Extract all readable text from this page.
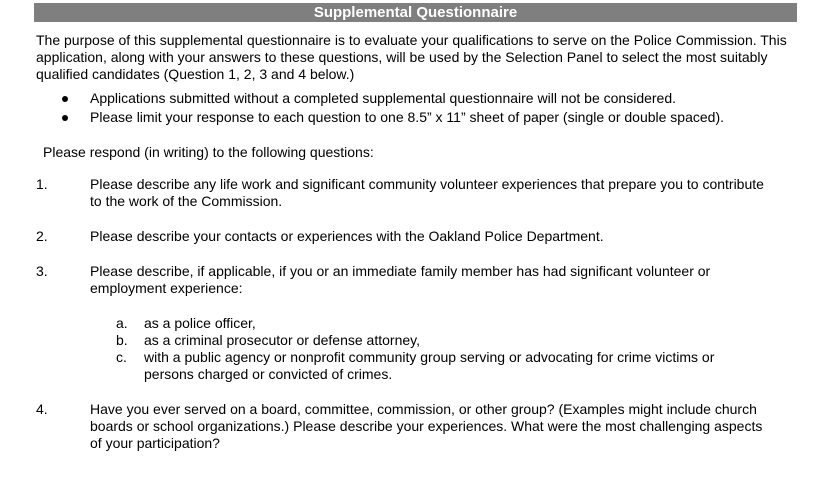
Supplemental Questionnaire

The purpose of this supplemental questionnaire is to evaluate your qualifications to serve on the Police Commission. This application, along with your answers to these questions, will be used by the Selection Panel to select the most suitably qualified candidates (Question 1, 2, 3 and 4 below.)

Applications submitted without a completed supplemental questionnaire will not be considered.
Please limit your response to each question to one 8.5” x 11” sheet of paper (single or double spaced).

Please respond (in writing) to the following questions:

1.	Please describe any life work and significant community volunteer experiences that prepare you to contribute to the work of the Commission.
2.	Please describe your contacts or experiences with the Oakland Police Department.
3.	Please describe, if applicable, if you or an immediate family member has had significant volunteer or employment experience:
a. as a police officer,
b. as a criminal prosecutor or defense attorney,
c. with a public agency or nonprofit community group serving or advocating for crime victims or persons charged or convicted of crimes.
4.	Have you ever served on a board, committee, commission, or other group? (Examples might include church boards or school organizations.) Please describe your experiences. What were the most challenging aspects of your participation?
